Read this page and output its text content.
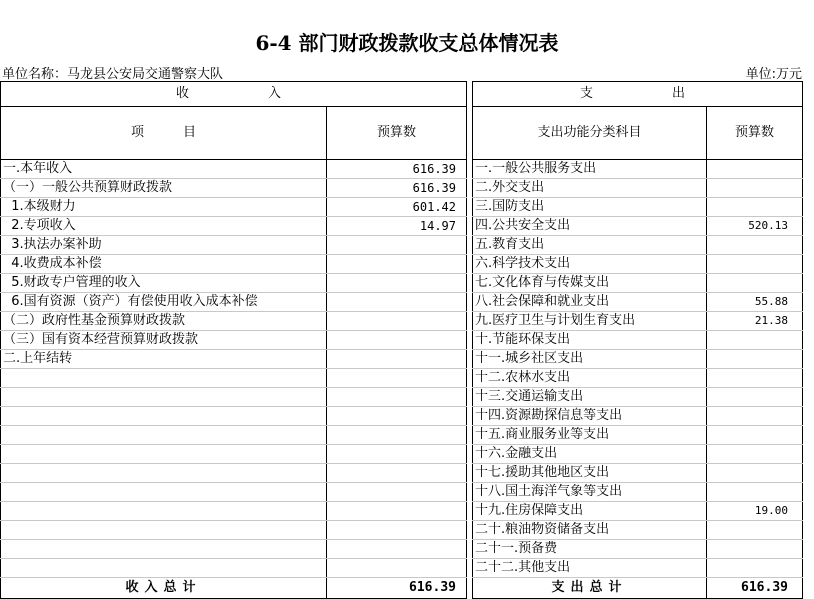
6-4 部门财政拨款收支总体情况表
单位名称：马龙县公安局交通警察大队	单位:万元
收　　　入			支　　　出	
项　　　目	预算数		支出功能分类科目	预算数
一.本年收入	616.39		一.一般公共服务支出	
（一）一般公共预算财政拨款	616.39		二.外交支出	
1.本级财力	601.42		三.国防支出	
2.专项收入	14.97		四.公共安全支出	520.13
3.执法办案补助			五.教育支出	
4.收费成本补偿			六.科学技术支出	
5.财政专户管理的收入			七.文化体育与传媒支出	
6.国有资源（资产）有偿使用收入成本补偿			八.社会保障和就业支出	55.88
（二）政府性基金预算财政拨款			九.医疗卫生与计划生育支出	21.38
（三）国有资本经营预算财政拨款			十.节能环保支出	
二.上年结转			十一.城乡社区支出	
			十二.农林水支出	
			十三.交通运输支出	
			十四.资源勘探信息等支出	
			十五.商业服务业等支出	
			十六.金融支出	
			十七.援助其他地区支出	
			十八.国土海洋气象等支出	
			十九.住房保障支出	19.00
			二十.粮油物资储备支出	
			二十一.预备费	
			二十二.其他支出	
收入总计	616.39		支出总计	616.39
